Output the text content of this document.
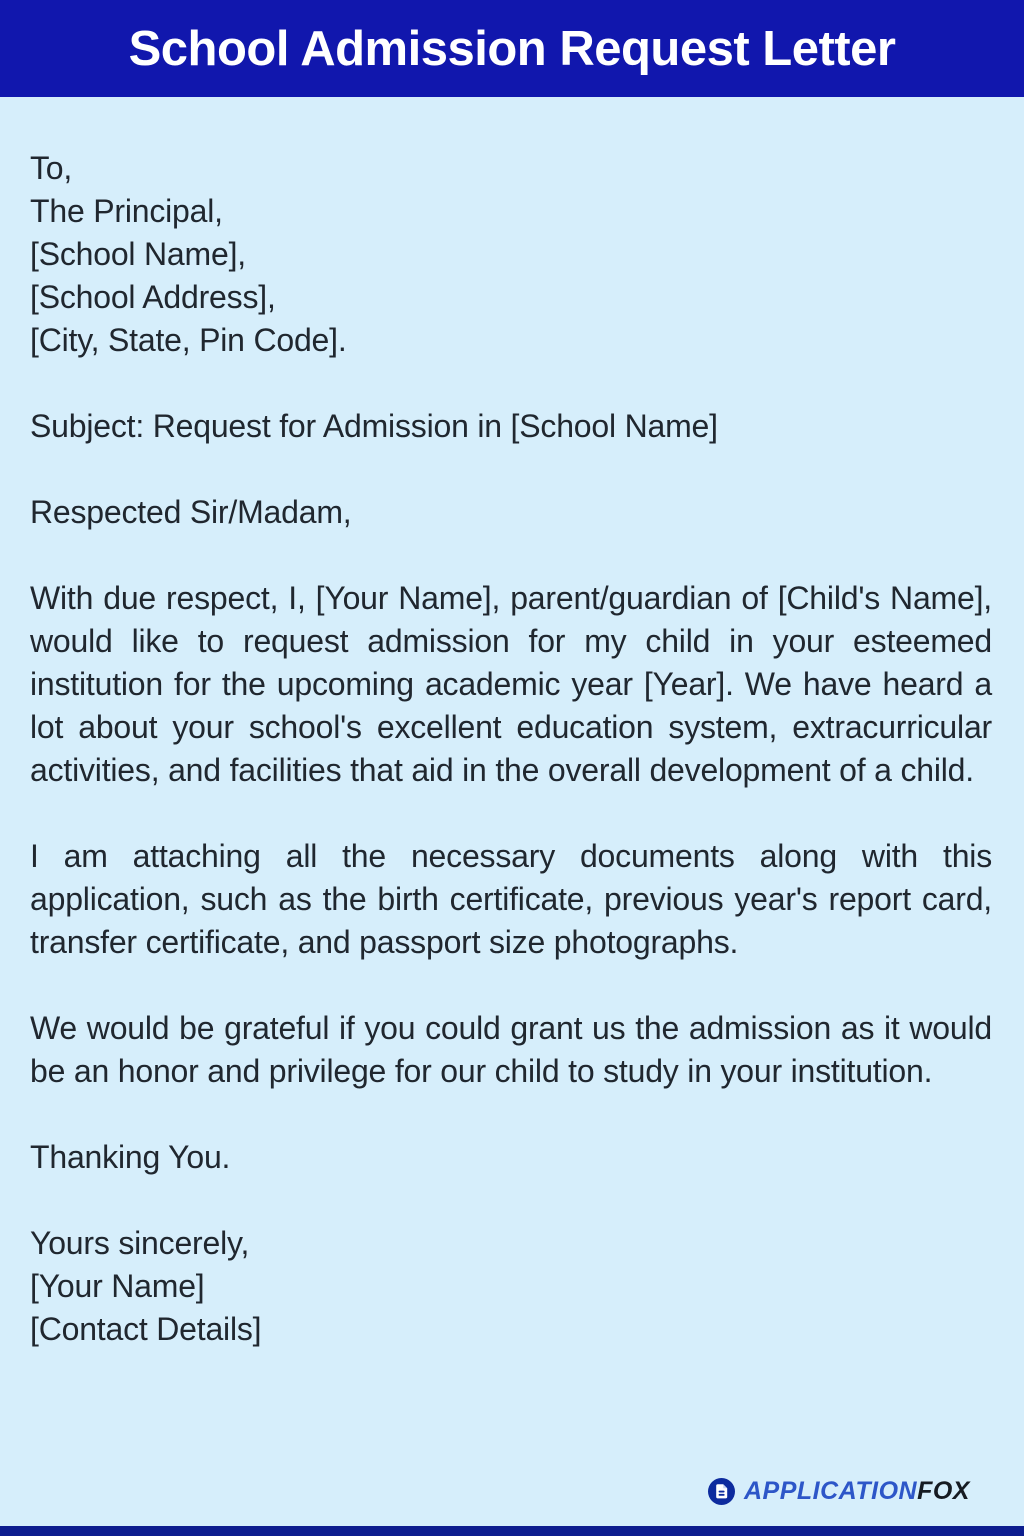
School Admission Request Letter
To,
The Principal,
[School Name],
[School Address],
[City, State, Pin Code].

Subject: Request for Admission in [School Name]

Respected Sir/Madam,

With due respect, I, [Your Name], parent/guardian of [Child's Name], would like to request admission for my child in your esteemed institution for the upcoming academic year [Year]. We have heard a lot about your school's excellent education system, extracurricular activities, and facilities that aid in the overall development of a child.

I am attaching all the necessary documents along with this application, such as the birth certificate, previous year's report card, transfer certificate, and passport size photographs.

We would be grateful if you could grant us the admission as it would be an honor and privilege for our child to study in your institution.

Thanking You.

Yours sincerely,
[Your Name]
[Contact Details]
APPLICATIONFOX
